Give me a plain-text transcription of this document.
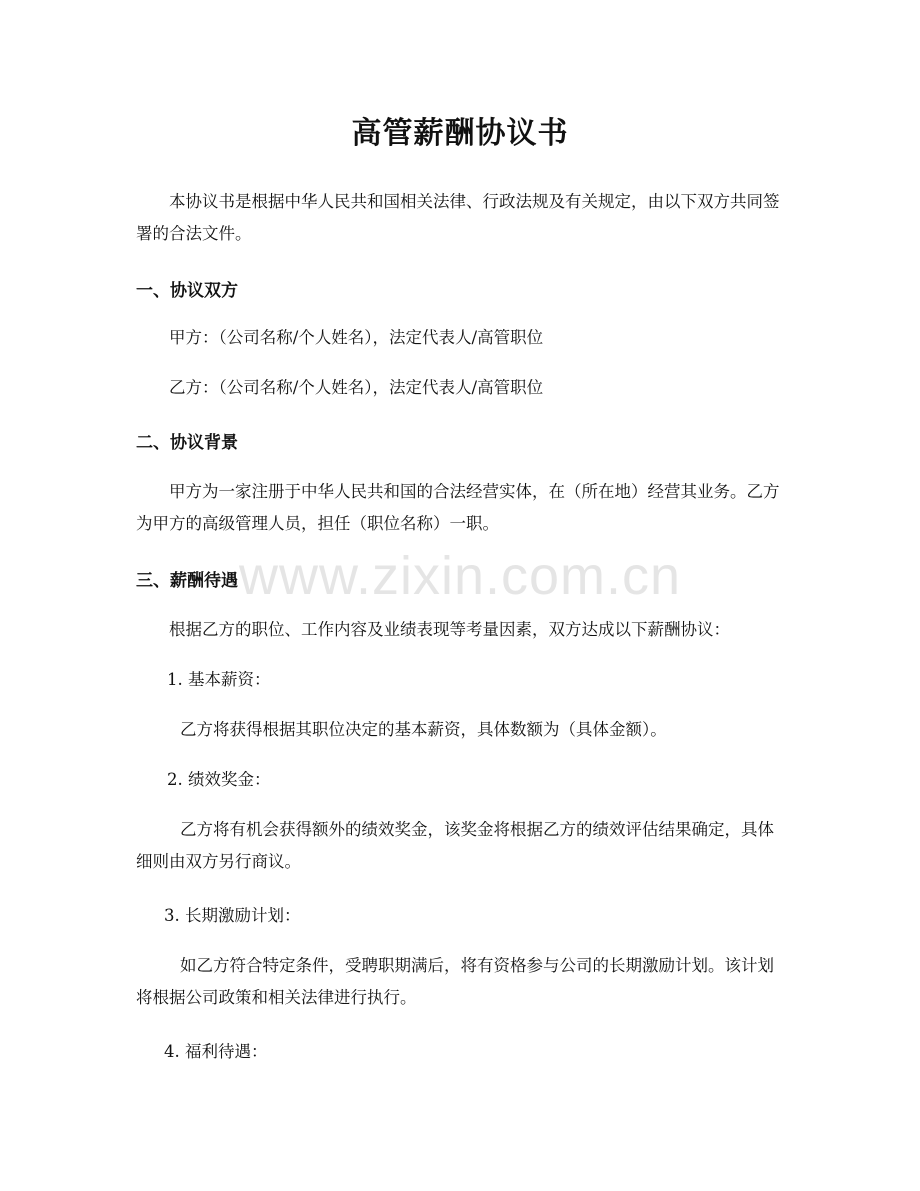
高管薪酬协议书

本协议书是根据中华人民共和国相关法律、行政法规及有关规定，由以下双方共同签署的合法文件。

一、协议双方

甲方：（公司名称/个人姓名），法定代表人/高管职位

乙方：（公司名称/个人姓名），法定代表人/高管职位

二、协议背景

甲方为一家注册于中华人民共和国的合法经营实体，在（所在地）经营其业务。乙方为甲方的高级管理人员，担任（职位名称）一职。

三、薪酬待遇

根据乙方的职位、工作内容及业绩表现等考量因素，双方达成以下薪酬协议：

1. 基本薪资：

乙方将获得根据其职位决定的基本薪资，具体数额为（具体金额）。

2. 绩效奖金：

乙方将有机会获得额外的绩效奖金，该奖金将根据乙方的绩效评估结果确定，具体细则由双方另行商议。

3. 长期激励计划：

如乙方符合特定条件，受聘职期满后，将有资格参与公司的长期激励计划。该计划将根据公司政策和相关法律进行执行。

4. 福利待遇：

www.zixin.com.cn
